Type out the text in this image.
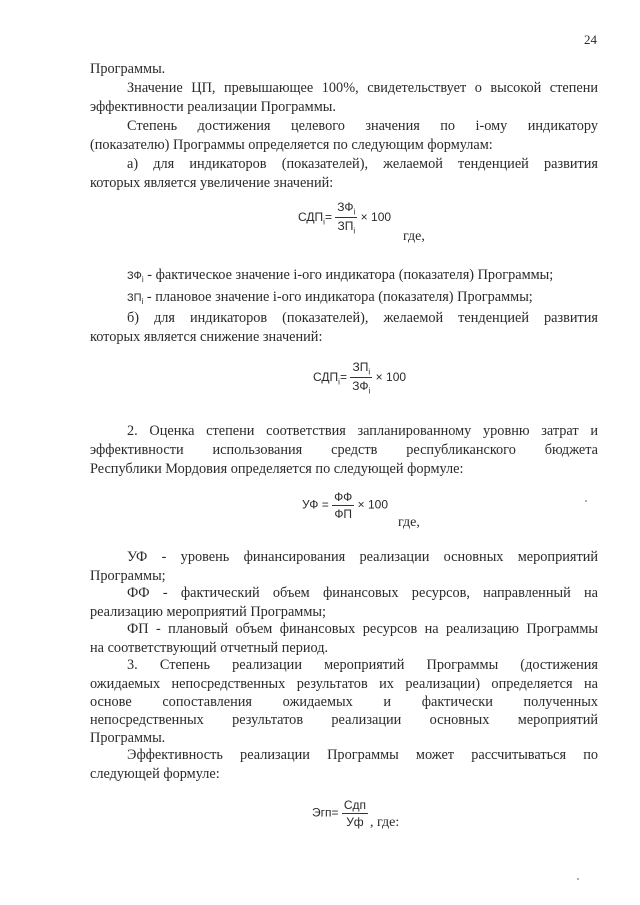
24
Программы.
Значение ЦП, превышающее 100%, свидетельствует о высокой степени
эффективности реализации Программы.
Степень достижения целевого значения по i-ому индикатору
(показателю) Программы определяется по следующим формулам:
а) для индикаторов (показателей), желаемой тенденцией развития
которых является увеличение значений:
$СДП_i= \frac{ЗФ_i}{ЗП_i} \times 100$
где,
$ЗФ_i$ - фактическое значение i-ого индикатора (показателя) Программы;
$ЗП_i$ - плановое значение i-ого индикатора (показателя) Программы;
б) для индикаторов (показателей), желаемой тенденцией развития
которых является снижение значений:
$СДП_i= \frac{ЗП_i}{ЗФ_i} \times 100$
2. Оценка степени соответствия запланированному уровню затрат и
эффективности использования средств республиканского бюджета
Республики Мордовия определяется по следующей формуле:
УФ = $\frac{ФФ}{ФП} \times 100$
где,
УФ - уровень финансирования реализации основных мероприятий
Программы;
ФФ - фактический объем финансовых ресурсов, направленный на
реализацию мероприятий Программы;
ФП - плановый объем финансовых ресурсов на реализацию Программы
на соответствующий отчетный период.
3. Степень реализации мероприятий Программы (достижения
ожидаемых непосредственных результатов их реализации) определяется на
основе сопоставления ожидаемых и фактически полученных
непосредственных результатов реализации основных мероприятий
Программы.
Эффективность реализации Программы может рассчитываться по
следующей формуле:
$Эгп= \frac{\text{Сдп}}{Уф}$ , где:
